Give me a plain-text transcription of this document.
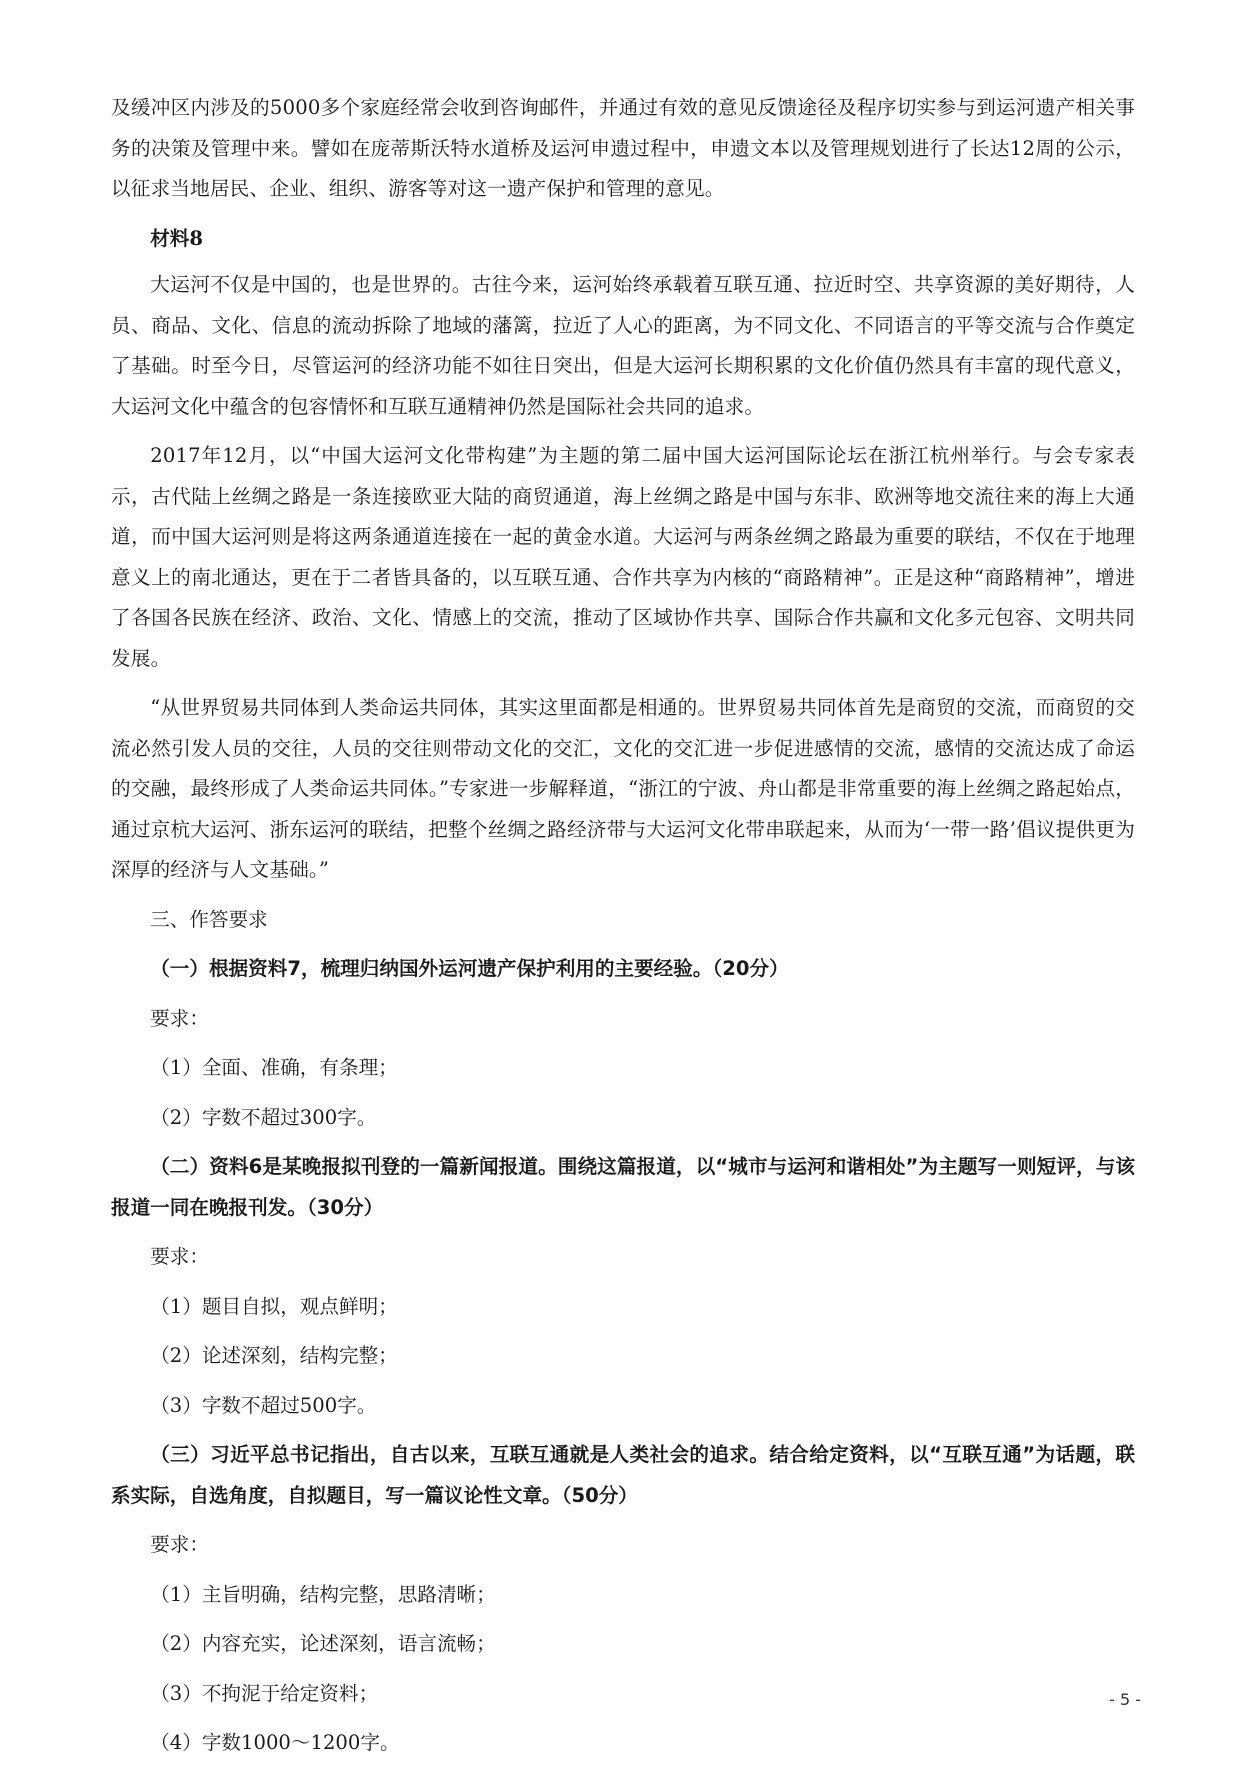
及缓冲区内涉及的5000多个家庭经常会收到咨询邮件，并通过有效的意见反馈途径及程序切实参与到运河遗产相关事务的决策及管理中来。譬如在庞蒂斯沃特水道桥及运河申遗过程中，申遗文本以及管理规划进行了长达12周的公示，以征求当地居民、企业、组织、游客等对这一遗产保护和管理的意见。

材料8

大运河不仅是中国的，也是世界的。古往今来，运河始终承载着互联互通、拉近时空、共享资源的美好期待，人员、商品、文化、信息的流动拆除了地域的藩篱，拉近了人心的距离，为不同文化、不同语言的平等交流与合作奠定了基础。时至今日，尽管运河的经济功能不如往日突出，但是大运河长期积累的文化价值仍然具有丰富的现代意义，大运河文化中蕴含的包容情怀和互联互通精神仍然是国际社会共同的追求。

2017年12月，以“中国大运河文化带构建”为主题的第二届中国大运河国际论坛在浙江杭州举行。与会专家表示，古代陆上丝绸之路是一条连接欧亚大陆的商贸通道，海上丝绸之路是中国与东非、欧洲等地交流往来的海上大通道，而中国大运河则是将这两条通道连接在一起的黄金水道。大运河与两条丝绸之路最为重要的联结，不仅在于地理意义上的南北通达，更在于二者皆具备的，以互联互通、合作共享为内核的“商路精神”。正是这种“商路精神”，增进了各国各民族在经济、政治、文化、情感上的交流，推动了区域协作共享、国际合作共赢和文化多元包容、文明共同发展。

“从世界贸易共同体到人类命运共同体，其实这里面都是相通的。世界贸易共同体首先是商贸的交流，而商贸的交流必然引发人员的交往，人员的交往则带动文化的交汇，文化的交汇进一步促进感情的交流，感情的交流达成了命运的交融，最终形成了人类命运共同体。”专家进一步解释道，“浙江的宁波、舟山都是非常重要的海上丝绸之路起始点，通过京杭大运河、浙东运河的联结，把整个丝绸之路经济带与大运河文化带串联起来，从而为‘一带一路’倡议提供更为深厚的经济与人文基础。”

三、作答要求

（一）根据资料7，梳理归纳国外运河遗产保护利用的主要经验。（20分）

要求：

（1）全面、准确，有条理；

（2）字数不超过300字。

（二）资料6是某晚报拟刊登的一篇新闻报道。围绕这篇报道，以“城市与运河和谐相处”为主题写一则短评，与该报道一同在晚报刊发。（30分）

要求：

（1）题目自拟，观点鲜明；

（2）论述深刻，结构完整；

（3）字数不超过500字。

（三）习近平总书记指出，自古以来，互联互通就是人类社会的追求。结合给定资料，以“互联互通”为话题，联系实际，自选角度，自拟题目，写一篇议论性文章。（50分）

要求：

（1）主旨明确，结构完整，思路清晰；

（2）内容充实，论述深刻，语言流畅；

（3）不拘泥于给定资料；

（4）字数1000～1200字。

- 5 -
